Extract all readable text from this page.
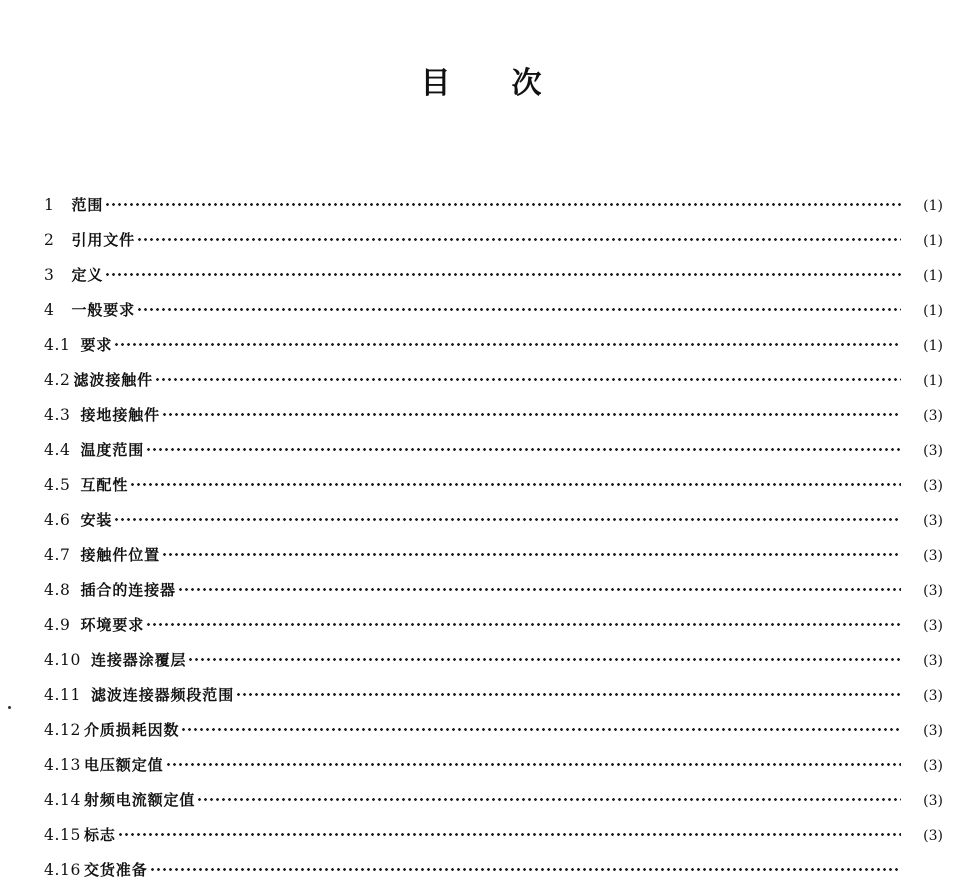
目 次
1 范围	(1)
2 引用文件	(1)
3 定义	(1)
4 一般要求	(1)
4.1 要求	(1)
4.2 滤波接触件	(1)
4.3 接地接触件	(3)
4.4 温度范围	(3)
4.5 互配性	(3)
4.6 安装	(3)
4.7 接触件位置	(3)
4.8 插合的连接器	(3)
4.9 环境要求	(3)
4.10 连接器涂覆层	(3)
4.11 滤波连接器频段范围	(3)
4.12 介质损耗因数	(3)
4.13 电压额定值	(3)
4.14 射频电流额定值	(3)
4.15 标志	(3)
4.16 交货准备
